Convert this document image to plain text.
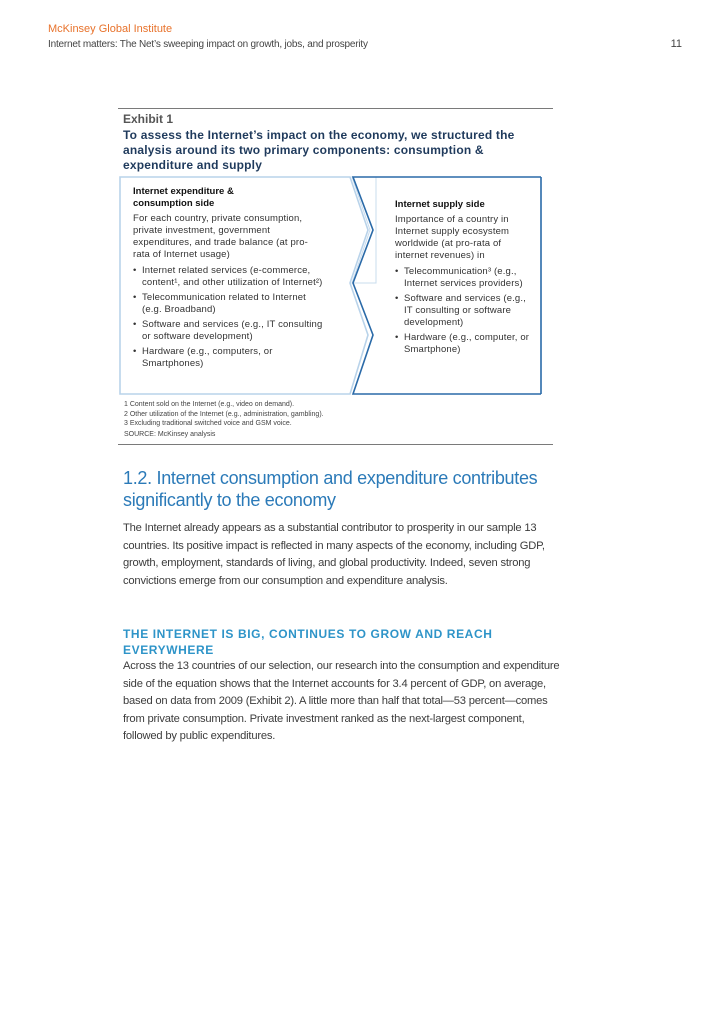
McKinsey Global Institute
Internet matters: The Net’s sweeping impact on growth, jobs, and prosperity	11
Exhibit 1
To assess the Internet’s impact on the economy, we structured the analysis around its two primary components: consumption & expenditure and supply
Internet expenditure &
consumption side
For each country, private consumption, private investment, government expenditures, and trade balance (at pro-rata of Internet usage)
• Internet related services (e-commerce, content¹, and other utilization of Internet²)
• Telecommunication related to Internet (e.g. Broadband)
• Software and services (e.g., IT consulting or software development)
• Hardware (e.g., computers, or Smartphones)
Internet supply side
Importance of a country in Internet supply ecosystem worldwide (at pro-rata of internet revenues) in
• Telecommunication³ (e.g., Internet services providers)
• Software and services (e.g., IT consulting or software development)
• Hardware (e.g., computer, or Smartphone)
1 Content sold on the Internet (e.g., video on demand).
2 Other utilization of the Internet (e.g., administration, gambling).
3 Excluding traditional switched voice and GSM voice.
SOURCE: McKinsey analysis
1.2. Internet consumption and expenditure contributes significantly to the economy
The Internet already appears as a substantial contributor to prosperity in our sample 13 countries. Its positive impact is reflected in many aspects of the economy, including GDP, growth, employment, standards of living, and global productivity. Indeed, seven strong convictions emerge from our consumption and expenditure analysis.
THE INTERNET IS BIG, CONTINUES TO GROW AND REACH EVERYWHERE
Across the 13 countries of our selection, our research into the consumption and expenditure side of the equation shows that the Internet accounts for 3.4 percent of GDP, on average, based on data from 2009 (Exhibit 2). A little more than half that total—53 percent—comes from private consumption. Private investment ranked as the next-largest component, followed by public expenditures.
